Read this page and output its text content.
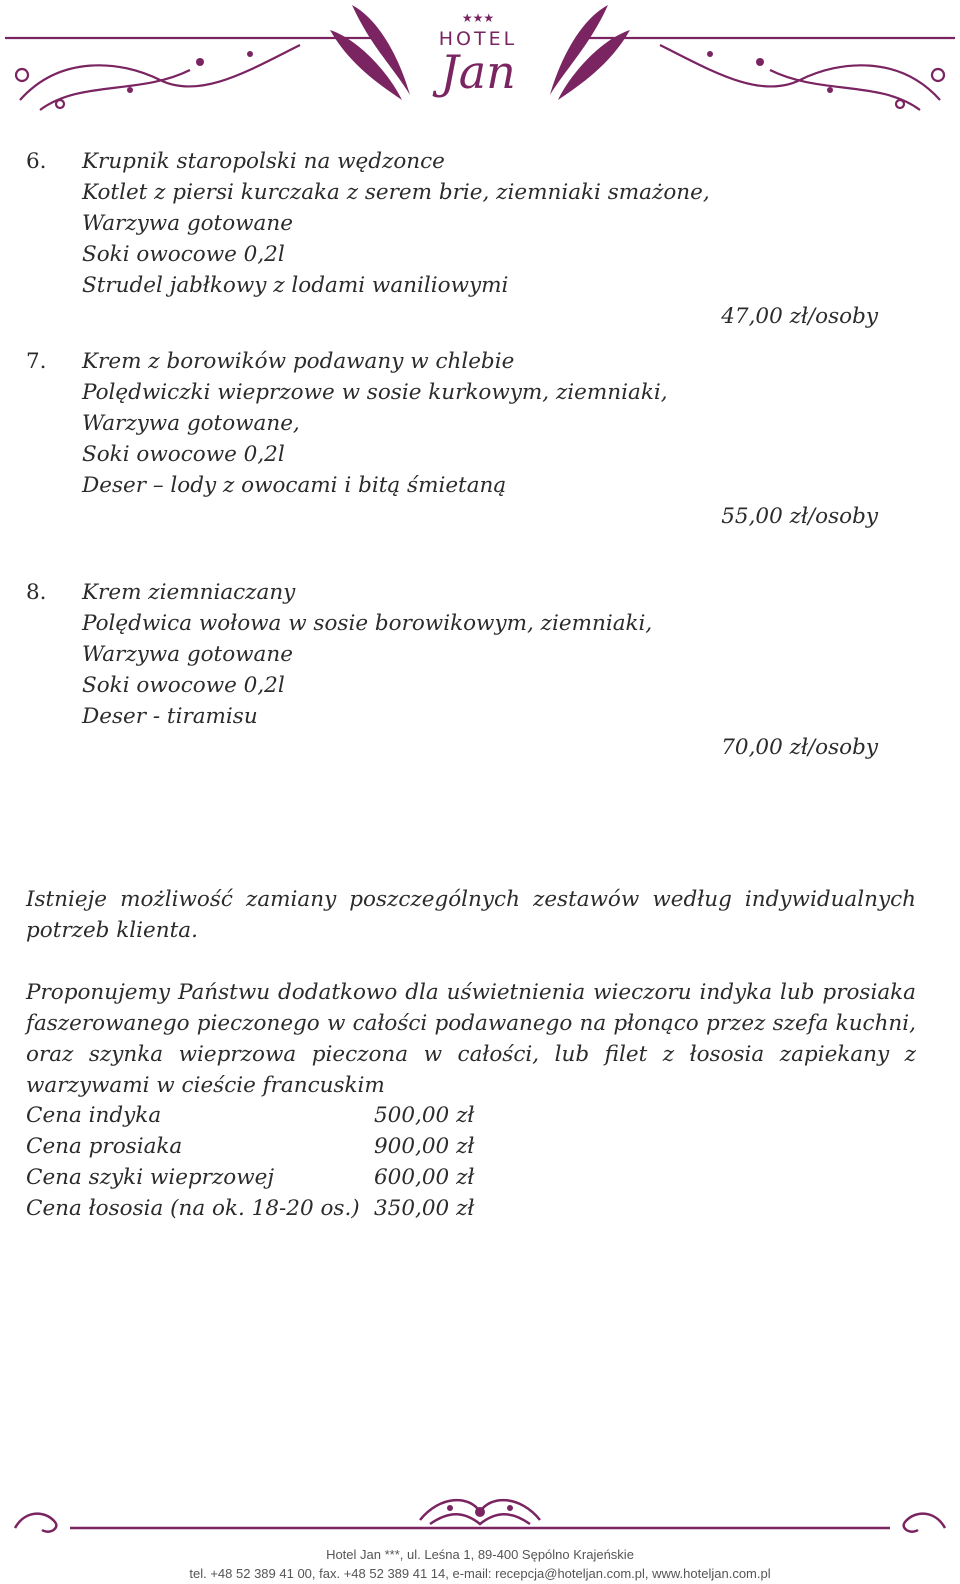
★★★
HOTEL
Jan
6. Krupnik staropolski na wędzonce
Kotlet z piersi kurczaka z serem brie, ziemniaki smażone,
Warzywa gotowane
Soki owocowe 0,2l
Strudel jabłkowy z lodami waniliowymi
47,00 zł/osoby
7. Krem z borowików podawany w chlebie
Polędwiczki wieprzowe w sosie kurkowym, ziemniaki,
Warzywa gotowane,
Soki owocowe 0,2l
Deser – lody z owocami i bitą śmietaną
55,00 zł/osoby
8. Krem ziemniaczany
Polędwica wołowa w sosie borowikowym, ziemniaki,
Warzywa gotowane
Soki owocowe 0,2l
Deser - tiramisu
70,00 zł/osoby
Istnieje możliwość zamiany poszczególnych zestawów według indywidualnych potrzeb klienta.
Proponujemy Państwu dodatkowo dla uświetnienia wieczoru indyka lub prosiaka faszerowanego pieczonego w całości podawanego na płonąco przez szefa kuchni, oraz szynka wieprzowa pieczona w całości, lub filet z łososia zapiekany z warzywami w cieście francuskim
Cena indyka	500,00 zł
Cena prosiaka	900,00 zł
Cena szyki wieprzowej	600,00 zł
Cena łososia (na ok. 18-20 os.) 350,00 zł
Hotel Jan ***, ul. Leśna 1, 89-400 Sępólno Krajeńskie
tel. +48 52 389 41 00, fax. +48 52 389 41 14, e-mail: recepcja@hoteljan.com.pl, www.hoteljan.com.pl
